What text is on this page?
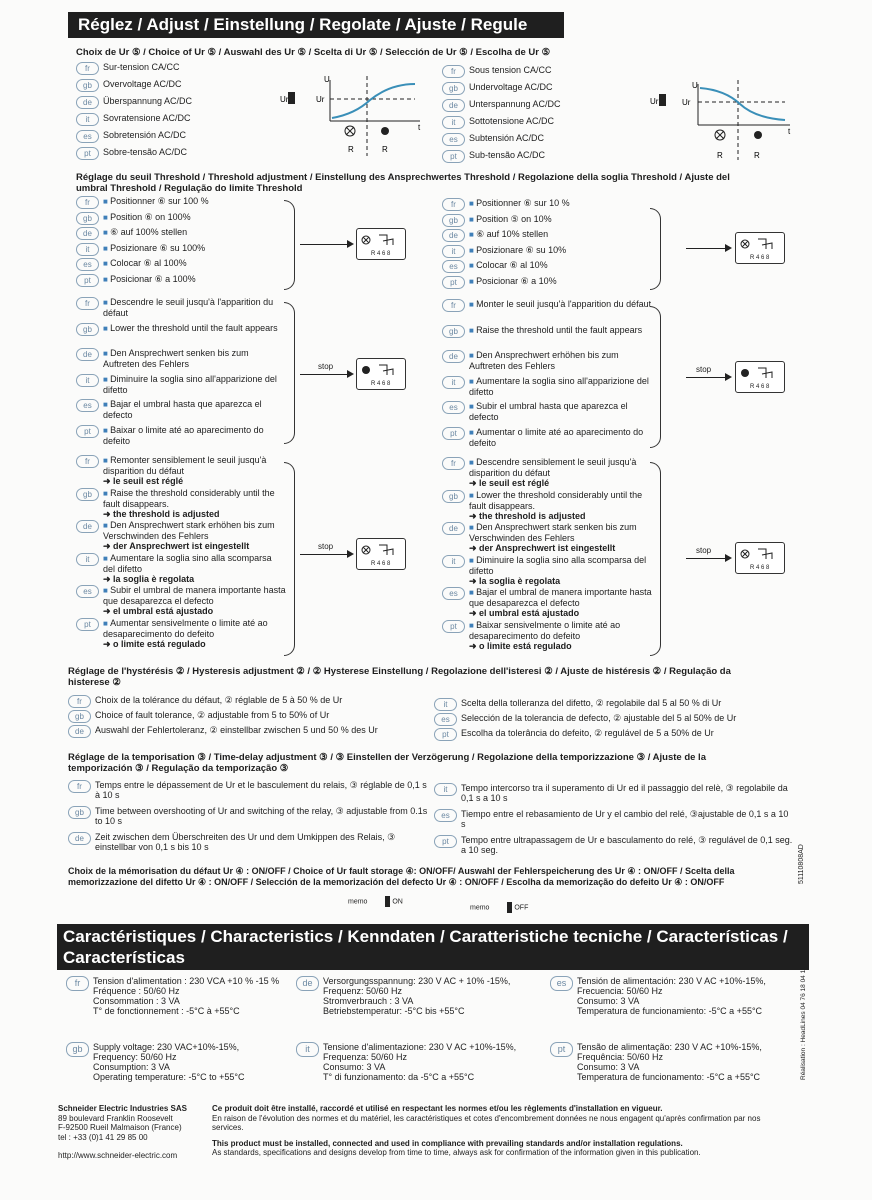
Réglez / Adjust / Einstellung / Regolate / Ajuste / Regule
Choix de Ur ⑤ / Choice of Ur ⑤ / Auswahl des Ur ⑤ / Scelta di Ur ⑤ / Selección de Ur ⑤ / Escolha de Ur ⑤
fr	Sur-tension CA/CC
gb	Overvoltage AC/DC
de	Überspannung AC/DC
it	Sovratensione AC/DC
es	Sobretensión AC/DC
pt	Sobre-tensão AC/DC
fr	Sous tension CA/CC
gb	Undervoltage AC/DC
de	Unterspannung AC/DC
it	Sottotensione AC/DC
es	Subtensión AC/DC
pt	Sub-tensão AC/DC
Ur
U
Ur
t
R	R
Ur
U
Ur
t
R	R
Réglage du seuil Threshold / Threshold adjustment / Einstellung des Ansprechwertes Threshold / Regolazione della soglia Threshold / Ajuste del umbral Threshold / Regulação do limite Threshold
fr	■ Positionner ⑥ sur 100 %
gb	■ Position ⑥ on 100%
de	■ ⑥ auf 100% stellen
it	■ Posizionare ⑥ su 100%
es	■ Colocar ⑥ al 100%
pt	■ Posicionar ⑥ a 100%
fr	■ Positionner ⑥ sur 10 %
gb	■ Position ⑤ on 10%
de	■ ⑥ auf 10% stellen
it	■ Posizionare ⑥ su 10%
es	■ Colocar ⑥ al 10%
pt	■ Posicionar ⑥ a 10%
fr	■ Descendre le seuil jusqu'à l'apparition du défaut
gb	■ Lower the threshold until the fault appears
de	■ Den Ansprechwert senken bis zum Auftreten des Fehlers
it	■ Diminuire la soglia sino all'apparizione del difetto
es	■ Bajar el umbral hasta que aparezca el defecto
pt	■ Baixar o limite até ao aparecimento do defeito
fr	■ Monter le seuil jusqu'à l'apparition du défaut
gb	■ Raise the threshold until the fault appears
de	■ Den Ansprechwert erhöhen bis zum Auftreten des Fehlers
it	■ Aumentare la soglia sino all'apparizione del difetto
es	■ Subir el umbral hasta que aparezca el defecto
pt	■ Aumentar o limite até ao aparecimento do defeito
fr	■ Remonter sensiblement le seuil jusqu'à disparition du défaut
➜ le seuil est réglé
gb	■ Raise the threshold considerably until the fault disappears.
➜ the threshold is adjusted
de	■ Den Ansprechwert stark erhöhen bis zum Verschwinden des Fehlers
➜ der Ansprechwert ist eingestellt
it	■ Aumentare la soglia sino alla scomparsa del difetto
➜ la soglia è regolata
es	■ Subir el umbral de manera importante hasta que desaparezca el defecto
➜ el umbral está ajustado
pt	■ Aumentar sensivelmente o limite até ao desaparecimento do defeito
➜ o limite está regulado
fr	■ Descendre sensiblement le seuil jusqu'à disparition du défaut
➜ le seuil est réglé
gb	■ Lower the threshold considerably until the fault disappears.
➜ the threshold is adjusted
de	■ Den Ansprechwert stark senken bis zum Verschwinden des Fehlers
➜ der Ansprechwert ist eingestellt
it	■ Diminuire la soglia sino alla scomparsa del difetto
➜ la soglia è regolata
es	■ Bajar el umbral de manera importante hasta que desaparezca el defecto
➜ el umbral está ajustado
pt	■ Baixar sensivelmente o limite até ao desaparecimento do defeito
➜ o limite está regulado
R 4 6 8
R 4 6 8
stop
R 4 6 8
stop
R 4 6 8
stop
R 4 6 8
stop
R 4 6 8
Réglage de l'hystérésis ② / Hysteresis adjustment ② / ② Hysterese Einstellung / Regolazione dell'isteresi ② / Ajuste de histéresis ② / Regulação da histerese ②
fr	Choix de la tolérance du défaut, ② réglable de 5 à 50 % de Ur
gb	Choice of fault tolerance, ② adjustable from 5 to 50% of Ur
de	Auswahl der Fehlertoleranz, ② einstellbar zwischen 5 und 50 % des Ur
it	Scelta della tolleranza del difetto, ② regolabile dal 5 al 50 % di Ur
es	Selección de la tolerancia de defecto, ② ajustable del 5 al 50% de Ur
pt	Escolha da tolerância do defeito, ② regulável de 5 a 50% de Ur
Réglage de la temporisation ③ / Time-delay adjustment ③ / ③ Einstellen der Verzögerung / Regolazione della temporizzazione ③ / Ajuste de la temporización ③ / Regulação da temporização ③
fr	Temps entre le dépassement de Ur et le basculement du relais, ③ réglable de 0,1 s à 10 s
gb	Time between overshooting of Ur and switching of the relay, ③ adjustable from 0.1s to 10 s
de	Zeit zwischen dem Überschreiten des Ur und dem Umkippen des Relais, ③ einstellbar von 0,1 s bis 10 s
it	Tempo intercorso tra il superamento di Ur ed il passaggio del relè, ③ regolabile da 0,1 s a 10 s
es	Tiempo entre el rebasamiento de Ur y el cambio del relé, ③ajustable de 0,1 s a 10 s
pt	Tempo entre ultrapassagem de Ur e basculamento do relé, ③ regulável de 0,1 seg. a 10 seg.
Choix de la mémorisation du défaut Ur ④ : ON/OFF / Choice of Ur fault storage ④: ON/OFF/ Auswahl der Fehlerspeicherung des Ur ④ : ON/OFF / Scelta della memorizzazione del difetto Ur ④ : ON/OFF / Selección de la memorización del defecto Ur ④ : ON/OFF / Escolha da memorização do defeito Ur ④ : ON/OFF
memo	ON
memo	OFF
51110808AD
Caractéristiques / Characteristics / Kenndaten / Caratteristiche tecniche / Características / Características
fr	Tension d'alimentation : 230 VCA +10 % -15 %
Fréquence : 50/60 Hz
Consommation : 3 VA
T° de fonctionnement : -5°C à +55°C
de	Versorgungsspannung: 230 V AC + 10% -15%,
Frequenz: 50/60 Hz
Stromverbrauch : 3 VA
Betriebstemperatur: -5°C bis +55°C
es	Tensión de alimentación: 230 V AC +10%-15%,
Frecuencia: 50/60 Hz
Consumo: 3 VA
Temperatura de funcionamiento: -5°C a +55°C
gb	Supply voltage: 230 VAC+10%-15%,
Frequency: 50/60 Hz
Consumption: 3 VA
Operating temperature: -5°C to +55°C
it	Tensione d'alimentazione: 230 V AC +10%-15%,
Frequenza: 50/60 Hz
Consumo: 3 VA
T° di funzionamento: da -5°C a +55°C
pt	Tensão de alimentação: 230 V AC +10%-15%,
Frequência: 50/60 Hz
Consumo: 3 VA
Temperatura de funcionamento: -5°C a +55°C	Réalisation : HeadLines 04 76 18 04 11
Schneider Electric Industries SAS
89 boulevard Franklin Roosevelt
F-92500 Rueil Malmaison (France)
tel : +33 (0)1 41 29 85 00
Ce produit doit être installé, raccordé et utilisé en respectant les normes et/ou les règlements d'installation en vigueur.
En raison de l'évolution des normes et du matériel, les caractéristiques et cotes d'encombrement données ne nous engagent qu'après confirmation par nos services.
This product must be installed, connected and used in compliance with prevailing standards and/or installation regulations.
As standards, specifications and designs develop from time to time, always ask for confirmation of the information given in this publication.
http://www.schneider-electric.com
